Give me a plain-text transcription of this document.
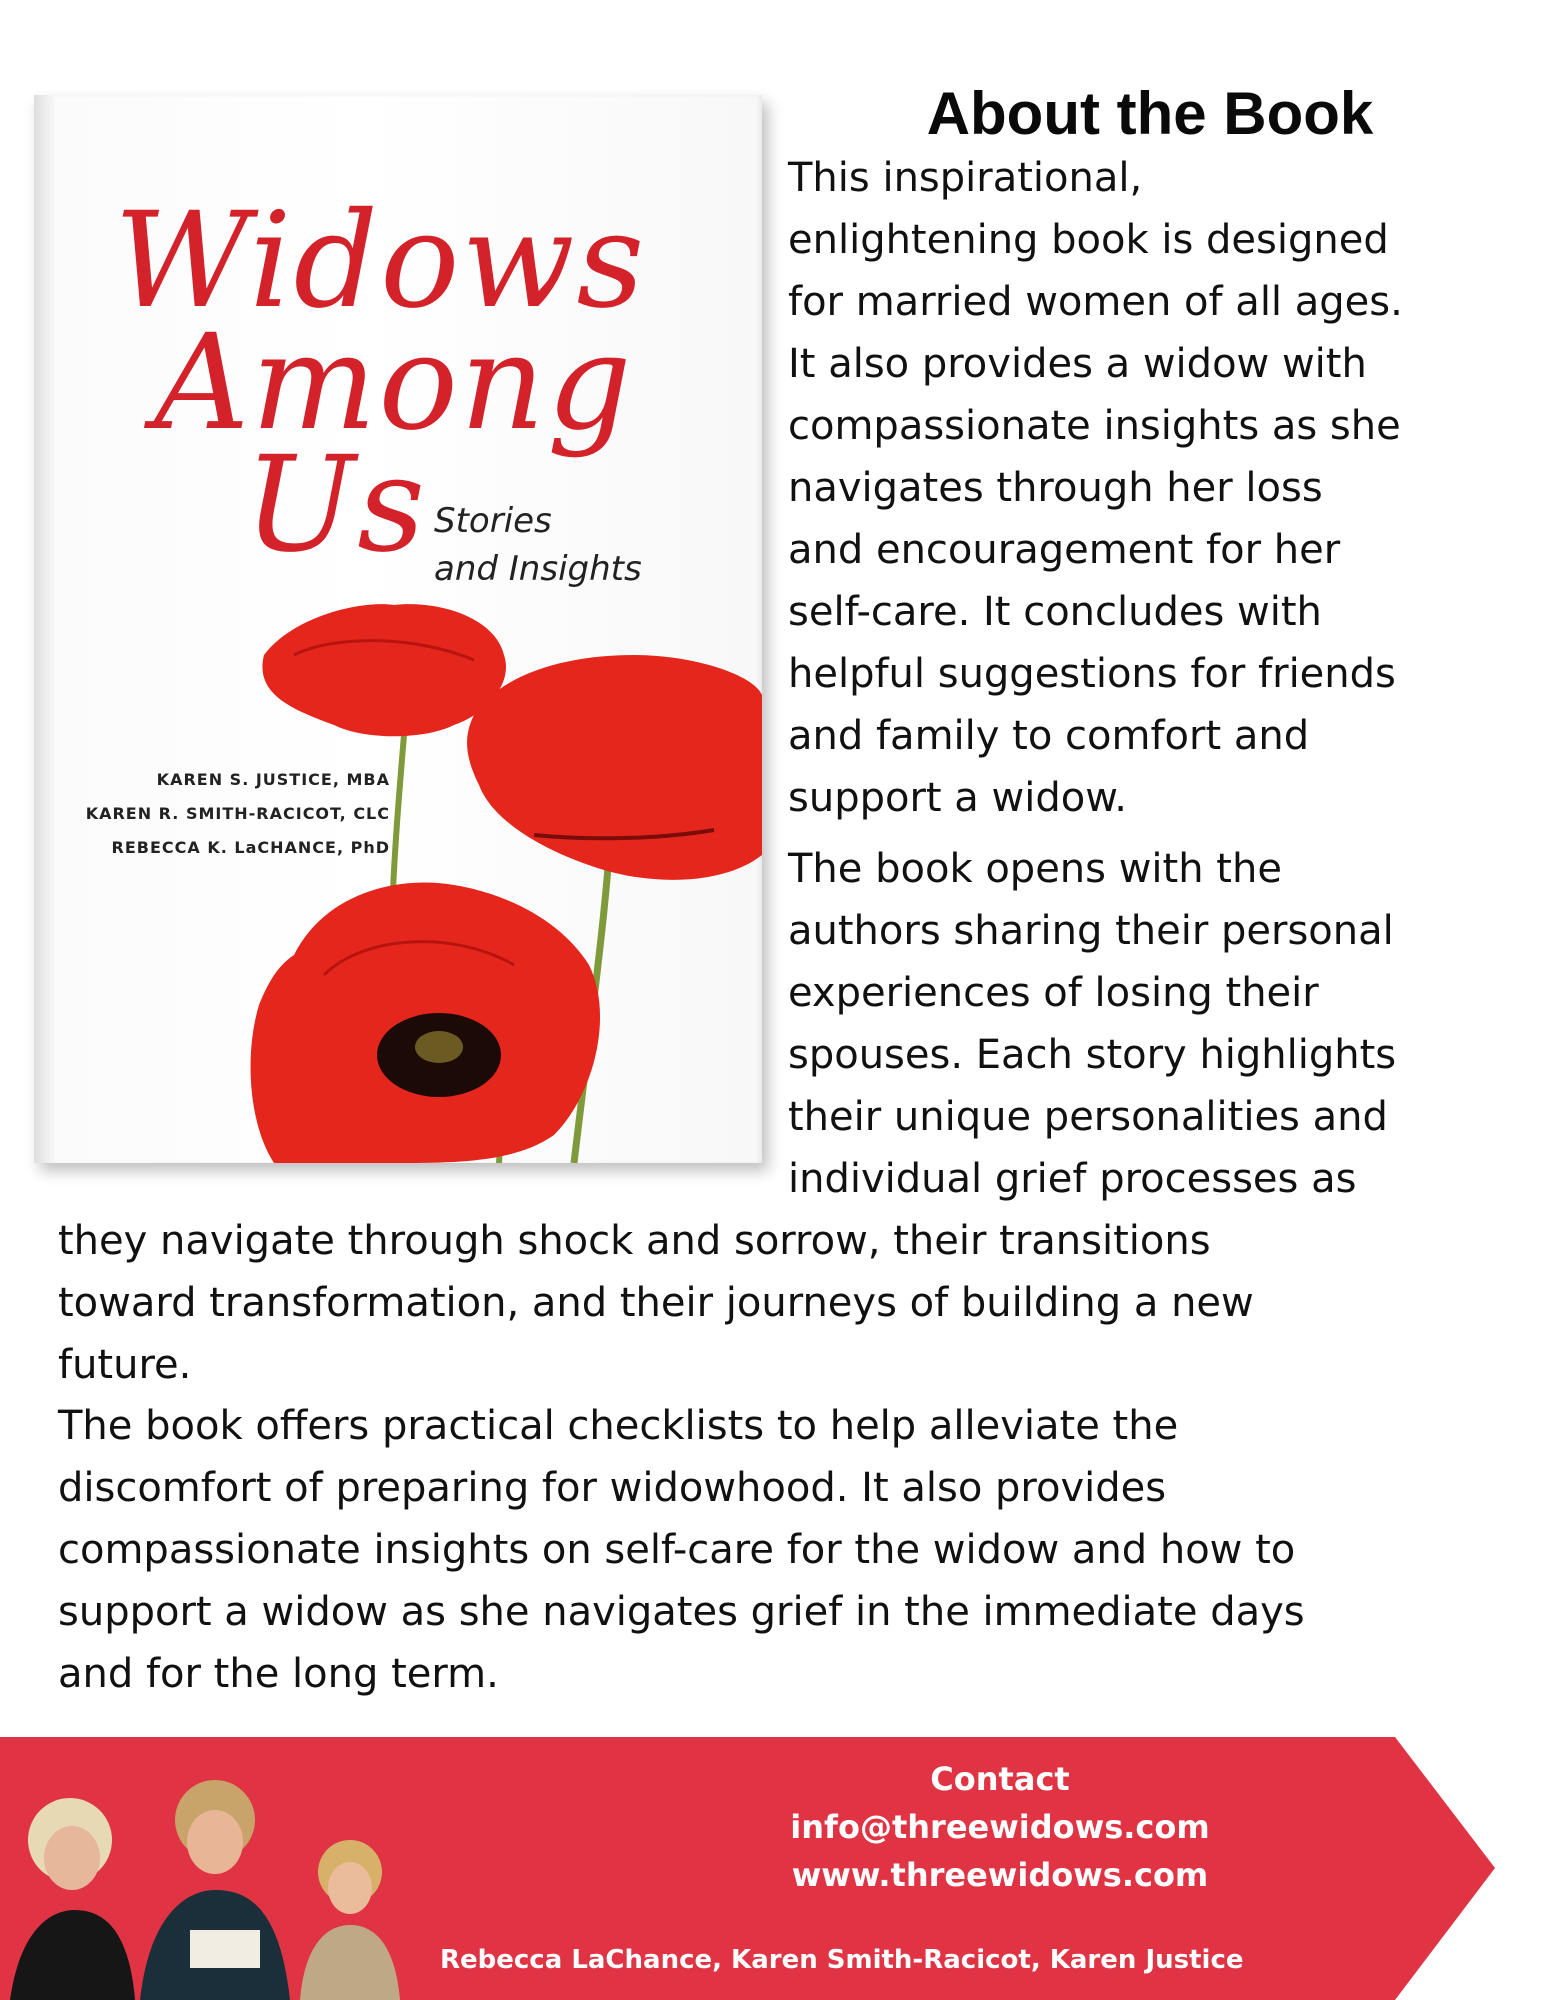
Widows
Among
Us Stories
and Insights
KAREN S. JUSTICE, MBA
KAREN R. SMITH-RACICOT, CLC
REBECCA K. LaCHANCE, PhD
About the Book
This inspirational,
enlightening book is designed
for married women of all ages.
It also provides a widow with
compassionate insights as she
navigates through her loss
and encouragement for her
self-care. It concludes with
helpful suggestions for friends
and family to comfort and
support a widow.
The book opens with the
authors sharing their personal
experiences of losing their
spouses. Each story highlights
their unique personalities and
individual grief processes as
they navigate through shock and sorrow, their transitions
toward transformation, and their journeys of building a new
future.
The book offers practical checklists to help alleviate the
discomfort of preparing for widowhood. It also provides
compassionate insights on self-care for the widow and how to
support a widow as she navigates grief in the immediate days
and for the long term.
Contact
info@threewidows.com
www.threewidows.com
Rebecca LaChance, Karen Smith-Racicot, Karen Justice
